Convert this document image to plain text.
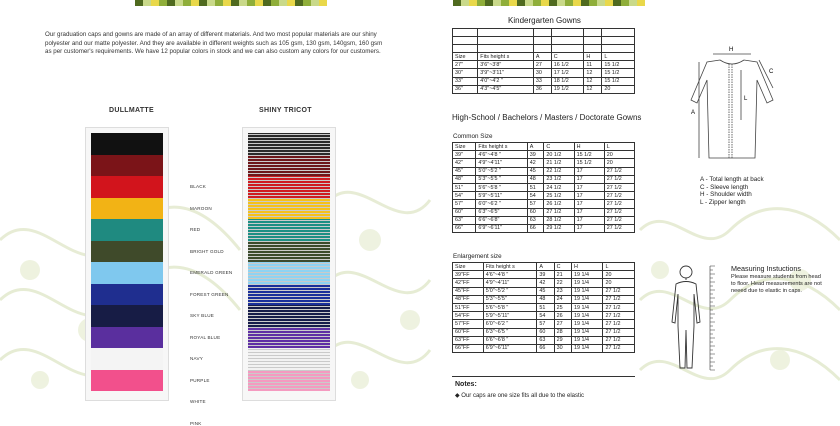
Our graduation caps and gowns are made of an array of different materials. And two most popular materials are our shiny polyester and our matte polyester. And they are available in different weights such as 105 gsm, 130 gsm, 140gsm, 160 gsm as per customer's requirements. We have 12 popular colors in stock and we can also custom any colors for our customers.
DULLMATTE	SHINY TRICOT
BLACK
MAROON
RED
BRIGHT GOLD
EMERALD GREEN
FOREST GREEN
SKY BLUE
ROYAL BLUE
NAVY
PURPLE
WHITE
PINK
Kindergarten Gowns

Size	Fits height s	A	C	H	L
27"	3'6"~3'8"	27	16 1/2	11	15 1/2
30"	3'9"~3'11"	30	17 1/2	12	15 1/2
33"	4'0"~4'2 "	33	18 1/2	12	15 1/2
36"	4'3"~4'5"	36	19 1/2	12	20
High-School / Bachelors / Masters / Doctorate Gowns
Common Size
Size	Fits height s	A	C	H	L
39"	4'6"~4'8 "	39	20 1/2	15 1/2	20
42"	4'9"~4'11"	42	21 1/2	15 1/2	20
45"	5'0"~5'2 "	45	22 1/2	17	27 1/2
48"	5'3"~5'5 "	48	23 1/2	17	27 1/2
51"	5'6"~5'8 "	51	24 1/2	17	27 1/2
54"	5'9"~5'11"	54	25 1/2	17	27 1/2
57"	6'0"~6'2 "	57	26 1/2	17	27 1/2
60"	6'3"~6'5"	60	27 1/2	17	27 1/2
63"	6'6"~6'8"	63	28 1/2	17	27 1/2
66"	6'9"~6'11"	66	29 1/2	17	27 1/2
Enlargement size
Size	Fits height s	A	C	H	L
39"FF	4'6"~4'8 "	39	21	19 1/4	20
42"FF	4'9"~4'11"	42	22	19 1/4	20
45"FF	5'0"~5'2 "	45	23	19 1/4	27 1/2
48"FF	5'3"~5'5"	48	24	19 1/4	27 1/2
51"FF	5'6"~5'8 "	51	25	19 1/4	27 1/2
54"FF	5'9"~5'11"	54	26	19 1/4	27 1/2
57"FF	6'0"~6'2 "	57	27	19 1/4	27 1/2
60"FF	6'3"~6'5 "	60	28	19 1/4	27 1/2
63"FF	6'6"~6'8 "	63	29	19 1/4	27 1/2
66"FF	6'9"~6'11"	66	30	19 1/4	27 1/2
Notes:
◆ Our caps are one size fits all due to the elastic
H
C
A
L
A - Total length at back
C - Sleeve length
H - Shoulder width
L - Zipper length
Measuring Instuctions
Please measure students from head to floor. Head measurements are not neeed due to elastic in caps.
